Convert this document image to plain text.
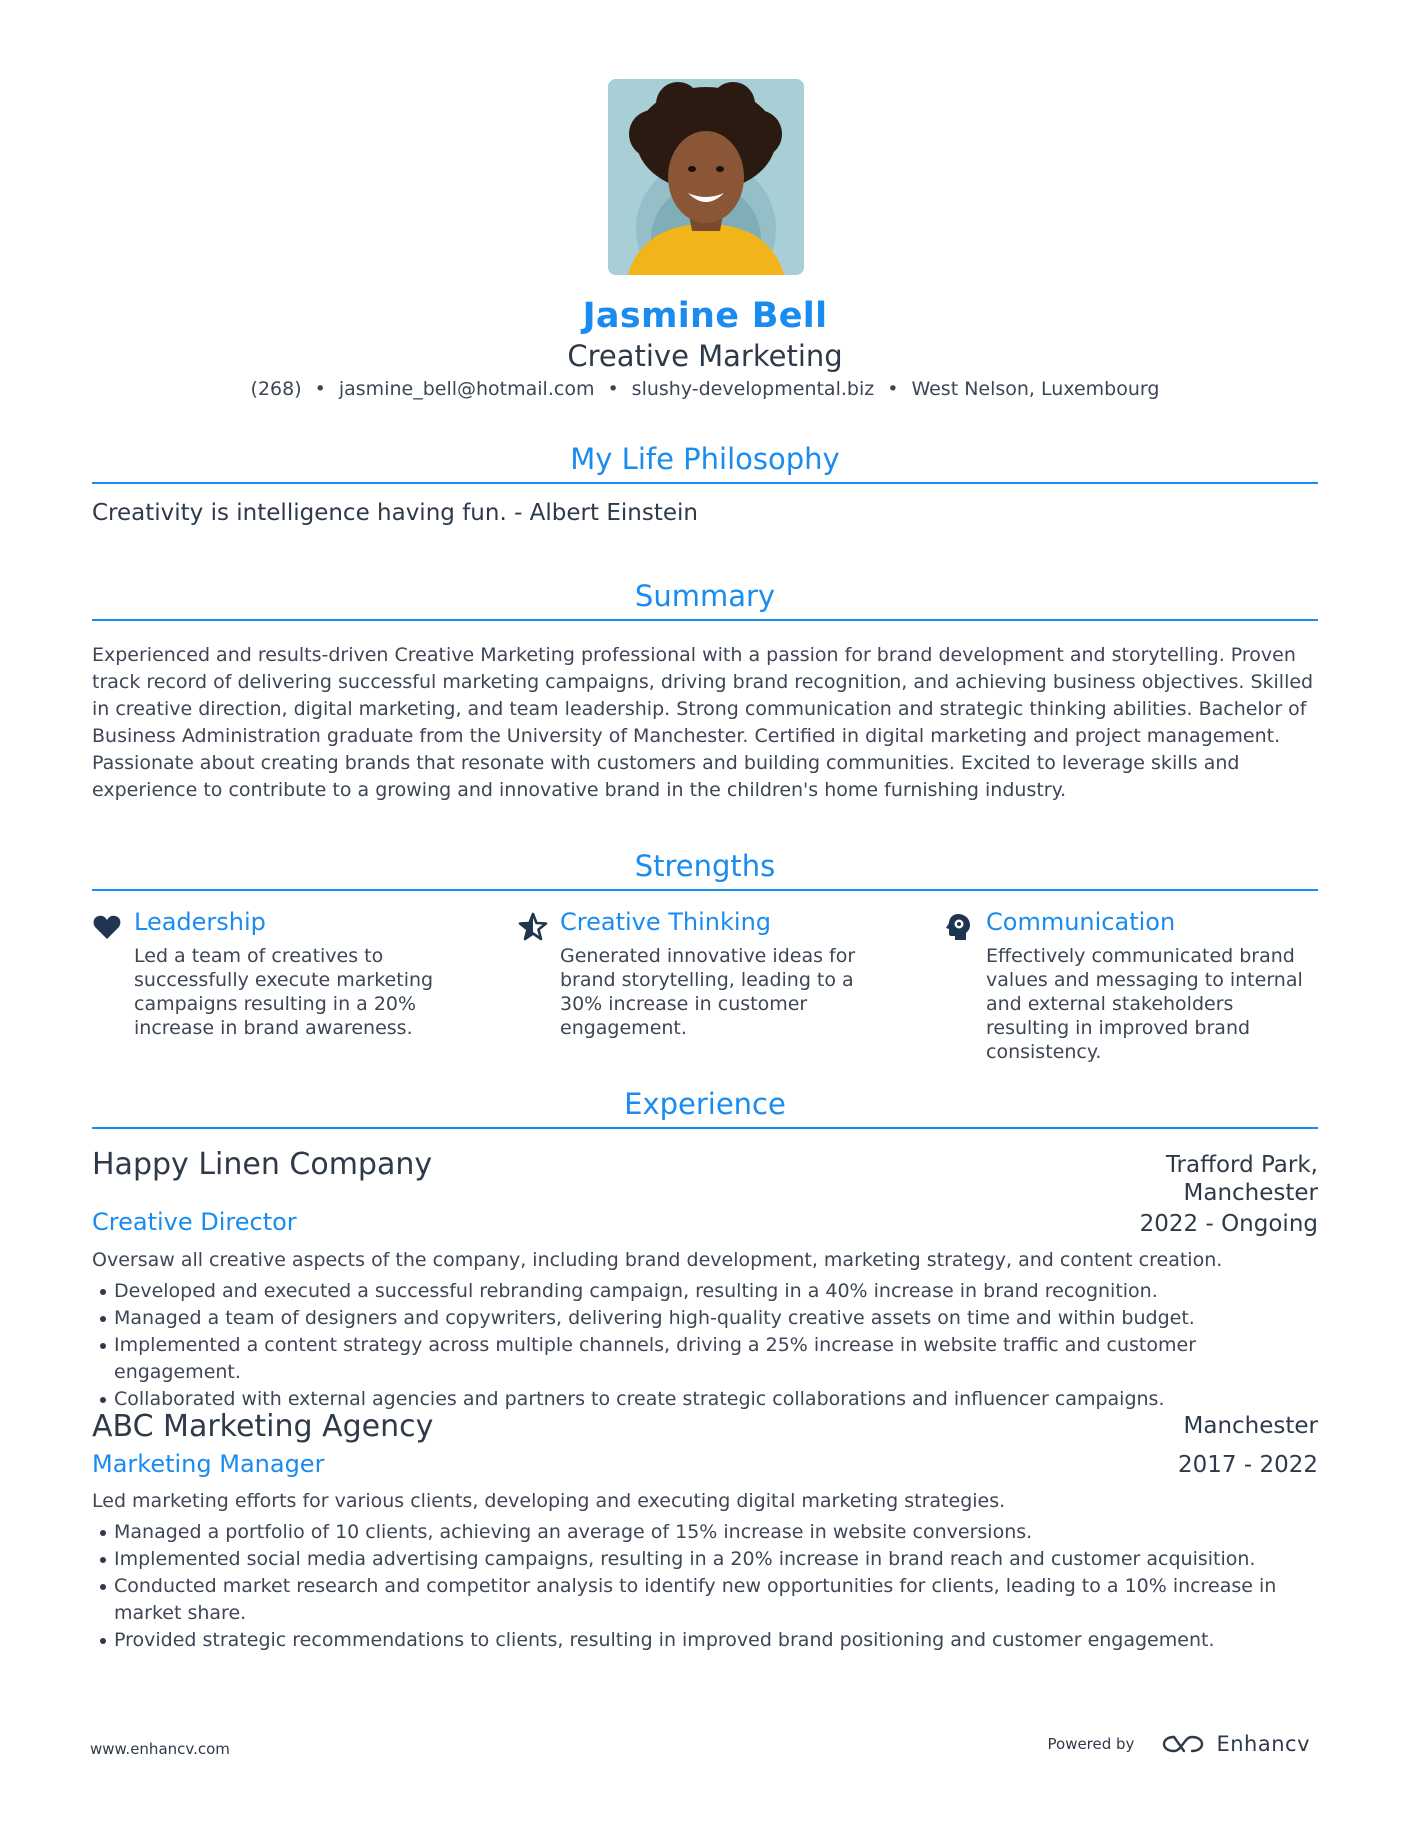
Jasmine Bell
Creative Marketing
(268) • jasmine_bell@hotmail.com • slushy-developmental.biz • West Nelson, Luxembourg
My Life Philosophy
Creativity is intelligence having fun. - Albert Einstein
Summary
Experienced and results-driven Creative Marketing professional with a passion for brand development and storytelling. Proven track record of delivering successful marketing campaigns, driving brand recognition, and achieving business objectives. Skilled in creative direction, digital marketing, and team leadership. Strong communication and strategic thinking abilities. Bachelor of Business Administration graduate from the University of Manchester. Certified in digital marketing and project management. Passionate about creating brands that resonate with customers and building communities. Excited to leverage skills and experience to contribute to a growing and innovative brand in the children's home furnishing industry.
Strengths
Leadership
Led a team of creatives to successfully execute marketing campaigns resulting in a 20% increase in brand awareness.
Creative Thinking
Generated innovative ideas for brand storytelling, leading to a 30% increase in customer engagement.
Communication
Effectively communicated brand values and messaging to internal and external stakeholders resulting in improved brand consistency.
Experience
Happy Linen Company	Trafford Park,
Manchester
Creative Director	2022 - Ongoing
Oversaw all creative aspects of the company, including brand development, marketing strategy, and content creation.
Developed and executed a successful rebranding campaign, resulting in a 40% increase in brand recognition.
Managed a team of designers and copywriters, delivering high-quality creative assets on time and within budget.
Implemented a content strategy across multiple channels, driving a 25% increase in website traffic and customer engagement.
Collaborated with external agencies and partners to create strategic collaborations and influencer campaigns.
ABC Marketing Agency	Manchester
Marketing Manager	2017 - 2022
Led marketing efforts for various clients, developing and executing digital marketing strategies.
Managed a portfolio of 10 clients, achieving an average of 15% increase in website conversions.
Implemented social media advertising campaigns, resulting in a 20% increase in brand reach and customer acquisition.
Conducted market research and competitor analysis to identify new opportunities for clients, leading to a 10% increase in market share.
Provided strategic recommendations to clients, resulting in improved brand positioning and customer engagement.
www.enhancv.com	Powered by	Enhancv
